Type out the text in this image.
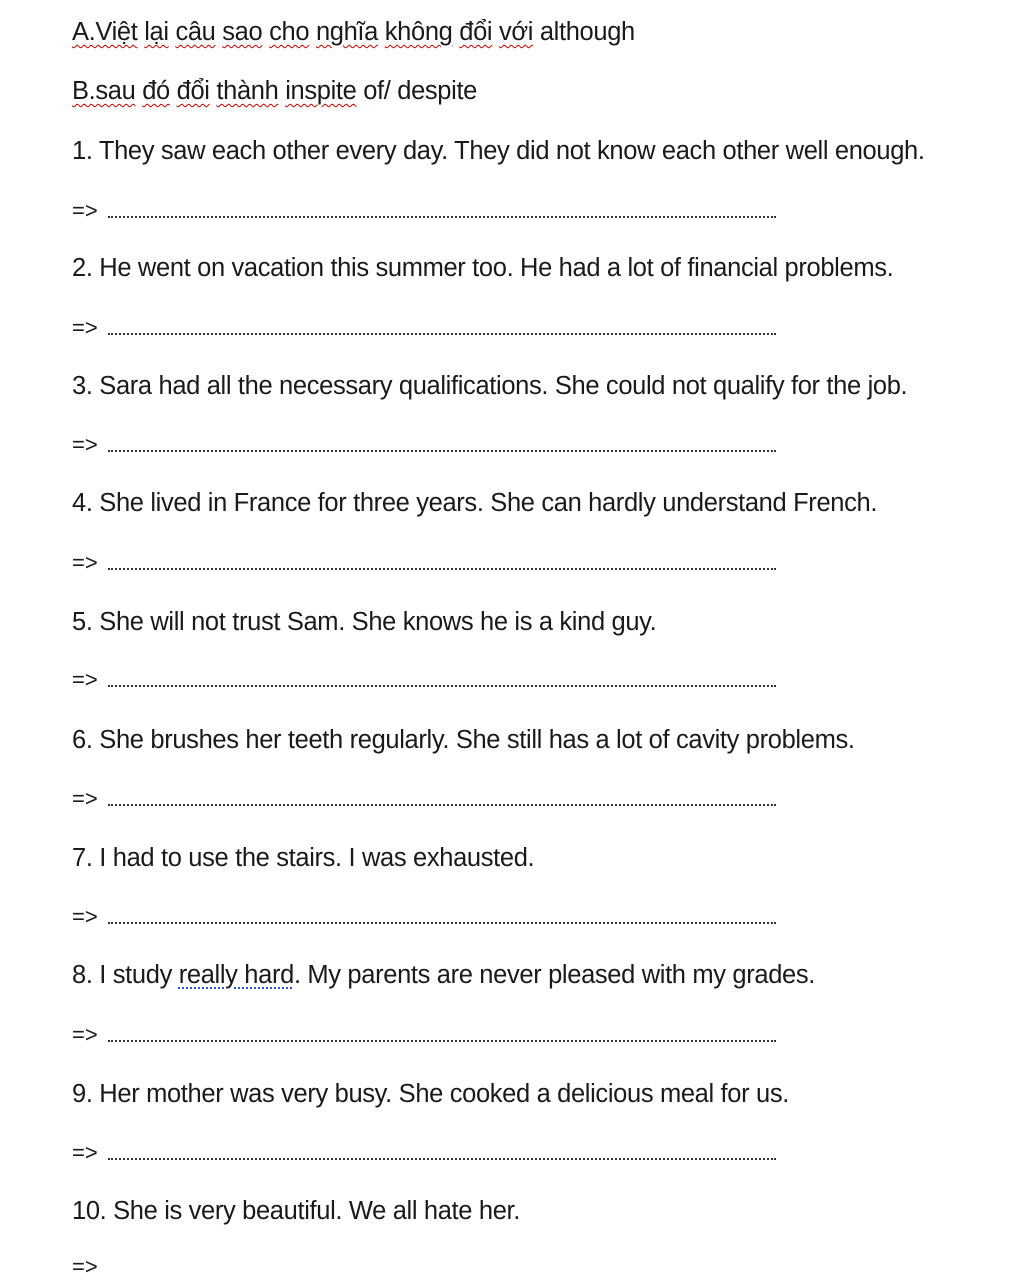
A.Việt lại câu sao cho nghĩa không đổi với although
B.sau đó đổi thành inspite of/ despite
1. They saw each other every day. They did not know each other well enough.
=>
2. He went on vacation this summer too. He had a lot of financial problems.
=>
3. Sara had all the necessary qualifications. She could not qualify for the job.
=>
4. She lived in France for three years. She can hardly understand French.
=>
5. She will not trust Sam. She knows he is a kind guy.
=>
6. She brushes her teeth regularly. She still has a lot of cavity problems.
=>
7. I had to use the stairs. I was exhausted.
=>
8. I study really hard. My parents are never pleased with my grades.
=>
9. Her mother was very busy. She cooked a delicious meal for us.
=>
10. She is very beautiful. We all hate her.
=>
